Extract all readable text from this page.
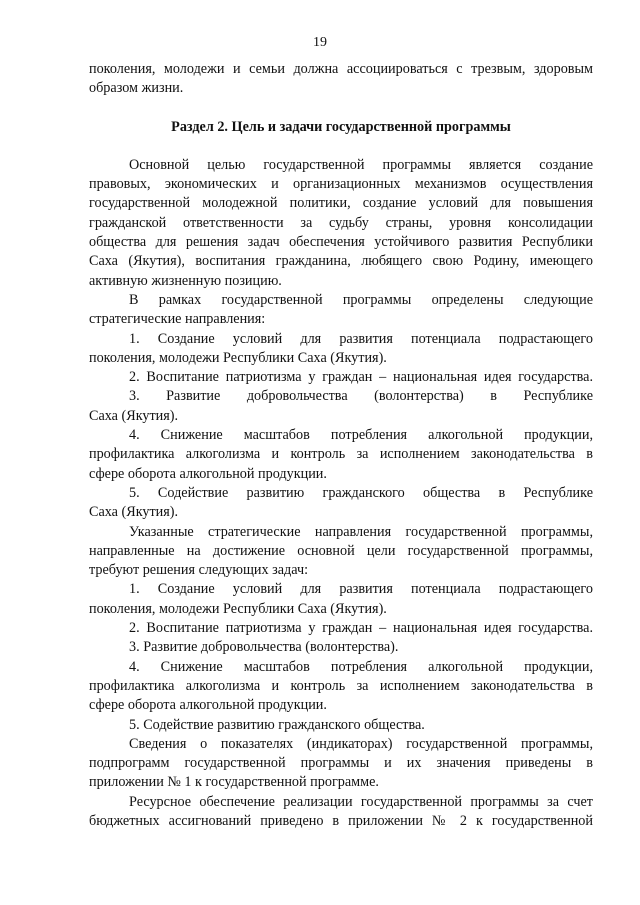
19
поколения, молодежи и семьи должна ассоциироваться с трезвым, здоровым
образом жизни.
Раздел 2. Цель и задачи государственной программы
Основной целью государственной программы является создание
правовых, экономических и организационных механизмов осуществления
государственной молодежной политики, создание условий для повышения
гражданской ответственности за судьбу страны, уровня консолидации
общества для решения задач обеспечения устойчивого развития Республики
Саха (Якутия), воспитания гражданина, любящего свою Родину, имеющего
активную жизненную позицию.
В рамках государственной программы определены следующие
стратегические направления:
1. Создание условий для развития потенциала подрастающего
поколения, молодежи Республики Саха (Якутия).
2. Воспитание патриотизма у граждан – национальная идея государства.
3. Развитие добровольчества (волонтерства) в Республике
Саха (Якутия).
4. Снижение масштабов потребления алкогольной продукции,
профилактика алкоголизма и контроль за исполнением законодательства в
сфере оборота алкогольной продукции.
5. Содействие развитию гражданского общества в Республике
Саха (Якутия).
Указанные стратегические направления государственной программы,
направленные на достижение основной цели государственной программы,
требуют решения следующих задач:
1. Создание условий для развития потенциала подрастающего
поколения, молодежи Республики Саха (Якутия).
2. Воспитание патриотизма у граждан – национальная идея государства.
3. Развитие добровольчества (волонтерства).
4. Снижение масштабов потребления алкогольной продукции,
профилактика алкоголизма и контроль за исполнением законодательства в
сфере оборота алкогольной продукции.
5. Содействие развитию гражданского общества.
Сведения о показателях (индикаторах) государственной программы,
подпрограмм государственной программы и их значения приведены в
приложении № 1 к государственной программе.
Ресурсное обеспечение реализации государственной программы за счет
бюджетных ассигнований приведено в приложении № 2 к государственной
